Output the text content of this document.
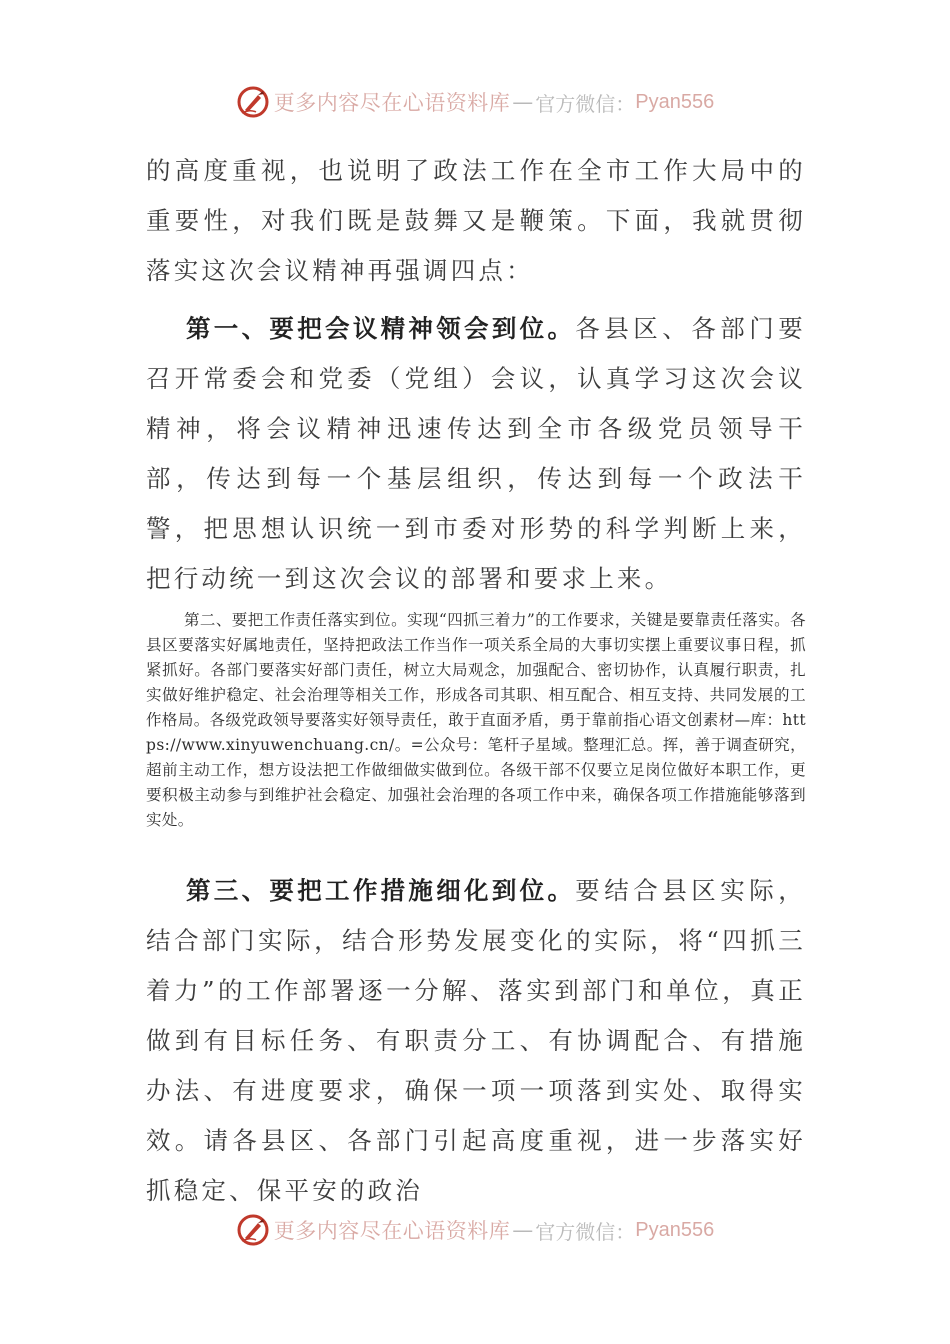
更多内容尽在心语资料库 — 官方微信： Pyan556

的高度重视，也说明了政法工作在全市工作大局中的重要性，对我们既是鼓舞又是鞭策。下面，我就贯彻落实这次会议精神再强调四点：

第一、要把会议精神领会到位。各县区、各部门要召开常委会和党委（党组）会议，认真学习这次会议精神，将会议精神迅速传达到全市各级党员领导干部，传达到每一个基层组织，传达到每一个政法干警，把思想认识统一到市委对形势的科学判断上来，把行动统一到这次会议的部署和要求上来。

第二、要把工作责任落实到位。实现“四抓三着力”的工作要求，关键是要靠责任落实。各县区要落实好属地责任，坚持把政法工作当作一项关系全局的大事切实摆上重要议事日程，抓紧抓好。各部门要落实好部门责任，树立大局观念，加强配合、密切协作，认真履行职责，扎实做好维护稳定、社会治理等相关工作，形成各司其职、相互配合、相互支持、共同发展的工作格局。各级党政领导要落实好领导责任，敢于直面矛盾，勇于靠前指心语文创素材—库：https://www.xinyuwenchuang.cn/。=公众号：笔杆子星域。整理汇总。挥，善于调查研究，超前主动工作，想方设法把工作做细做实做到位。各级干部不仅要立足岗位做好本职工作，更要积极主动参与到维护社会稳定、加强社会治理的各项工作中来，确保各项工作措施能够落到实处。

第三、要把工作措施细化到位。要结合县区实际，结合部门实际，结合形势发展变化的实际，将“四抓三着力”的工作部署逐一分解、落实到部门和单位，真正做到有目标任务、有职责分工、有协调配合、有措施办法、有进度要求，确保一项一项落到实处、取得实效。请各县区、各部门引起高度重视，进一步落实好抓稳定、保平安的政治

更多内容尽在心语资料库 — 官方微信： Pyan556
